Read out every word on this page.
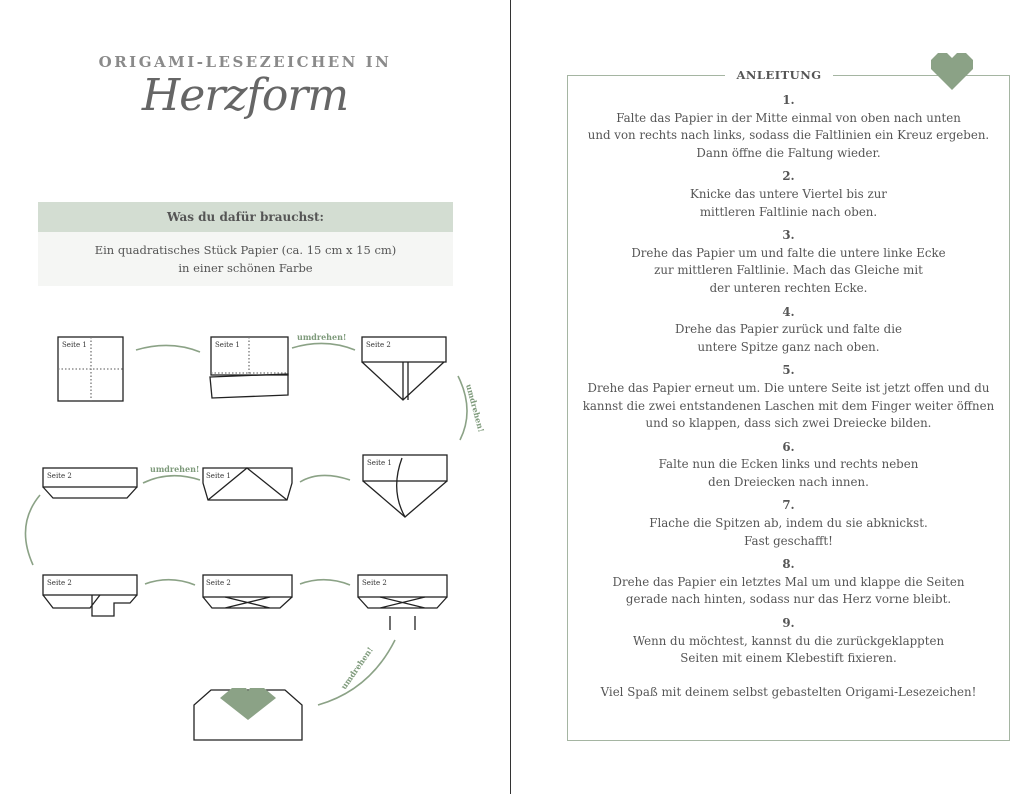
ORIGAMI-LESEZEICHEN IN
Herzform
Was du dafür brauchst:
Ein quadratisches Stück Papier (ca. 15 cm x 15 cm)
in einer schönen Farbe
Seite 1	Seite 1	Seite 2
Seite 1
Seite 1
Seite 2
Seite 2	Seite 2	Seite 2
umdrehen!
umdrehen!
umdrehen!
umdrehen!
ANLEITUNG
1.
Falte das Papier in der Mitte einmal von oben nach unten
und von rechts nach links, sodass die Faltlinien ein Kreuz ergeben.
Dann öffne die Faltung wieder.
2.
Knicke das untere Viertel bis zur
mittleren Faltlinie nach oben.
3.
Drehe das Papier um und falte die untere linke Ecke
zur mittleren Faltlinie. Mach das Gleiche mit
der unteren rechten Ecke.
4.
Drehe das Papier zurück und falte die
untere Spitze ganz nach oben.
5.
Drehe das Papier erneut um. Die untere Seite ist jetzt offen und du
kannst die zwei entstandenen Laschen mit dem Finger weiter öffnen
und so klappen, dass sich zwei Dreiecke bilden.
6.
Falte nun die Ecken links und rechts neben
den Dreiecken nach innen.
7.
Flache die Spitzen ab, indem du sie abknickst.
Fast geschafft!
8.
Drehe das Papier ein letztes Mal um und klappe die Seiten
gerade nach hinten, sodass nur das Herz vorne bleibt.
9.
Wenn du möchtest, kannst du die zurückgeklappten
Seiten mit einem Klebestift fixieren.
Viel Spaß mit deinem selbst gebastelten Origami-Lesezeichen!
